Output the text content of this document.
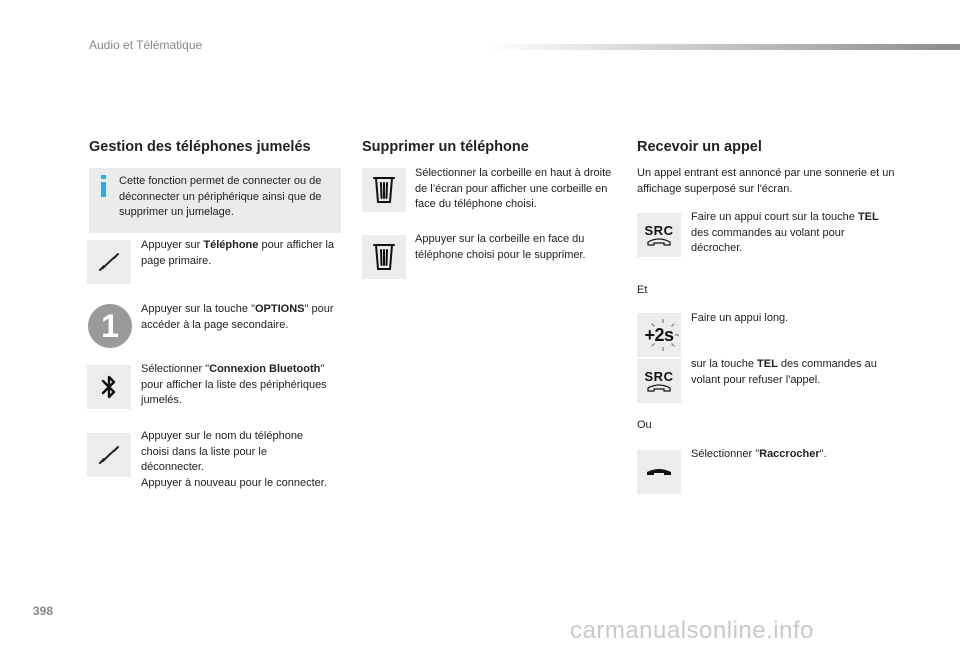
Audio et Télématique
Gestion des téléphones jumelés
Cette fonction permet de connecter ou de déconnecter un périphérique ainsi que de supprimer un jumelage.
Appuyer sur Téléphone pour afficher la page primaire.
1	Appuyer sur la touche "OPTIONS" pour accéder à la page secondaire.
Sélectionner "Connexion Bluetooth" pour afficher la liste des périphériques jumelés.
Appuyer sur le nom du téléphone choisi dans la liste pour le déconnecter.
Appuyer à nouveau pour le connecter.
Supprimer un téléphone
Sélectionner la corbeille en haut à droite de l’écran pour afficher une corbeille en face du téléphone choisi.
Appuyer sur la corbeille en face du téléphone choisi pour le supprimer.
Recevoir un appel
Un appel entrant est annoncé par une sonnerie et un affichage superposé sur l'écran.
SRC
Faire un appui court sur la touche TEL des commandes au volant pour décrocher.
Et
+2s
Faire un appui long.
SRC
sur la touche TEL des commandes au volant pour refuser l'appel.
Ou
Sélectionner "Raccrocher".
398
carmanualsonline.info
